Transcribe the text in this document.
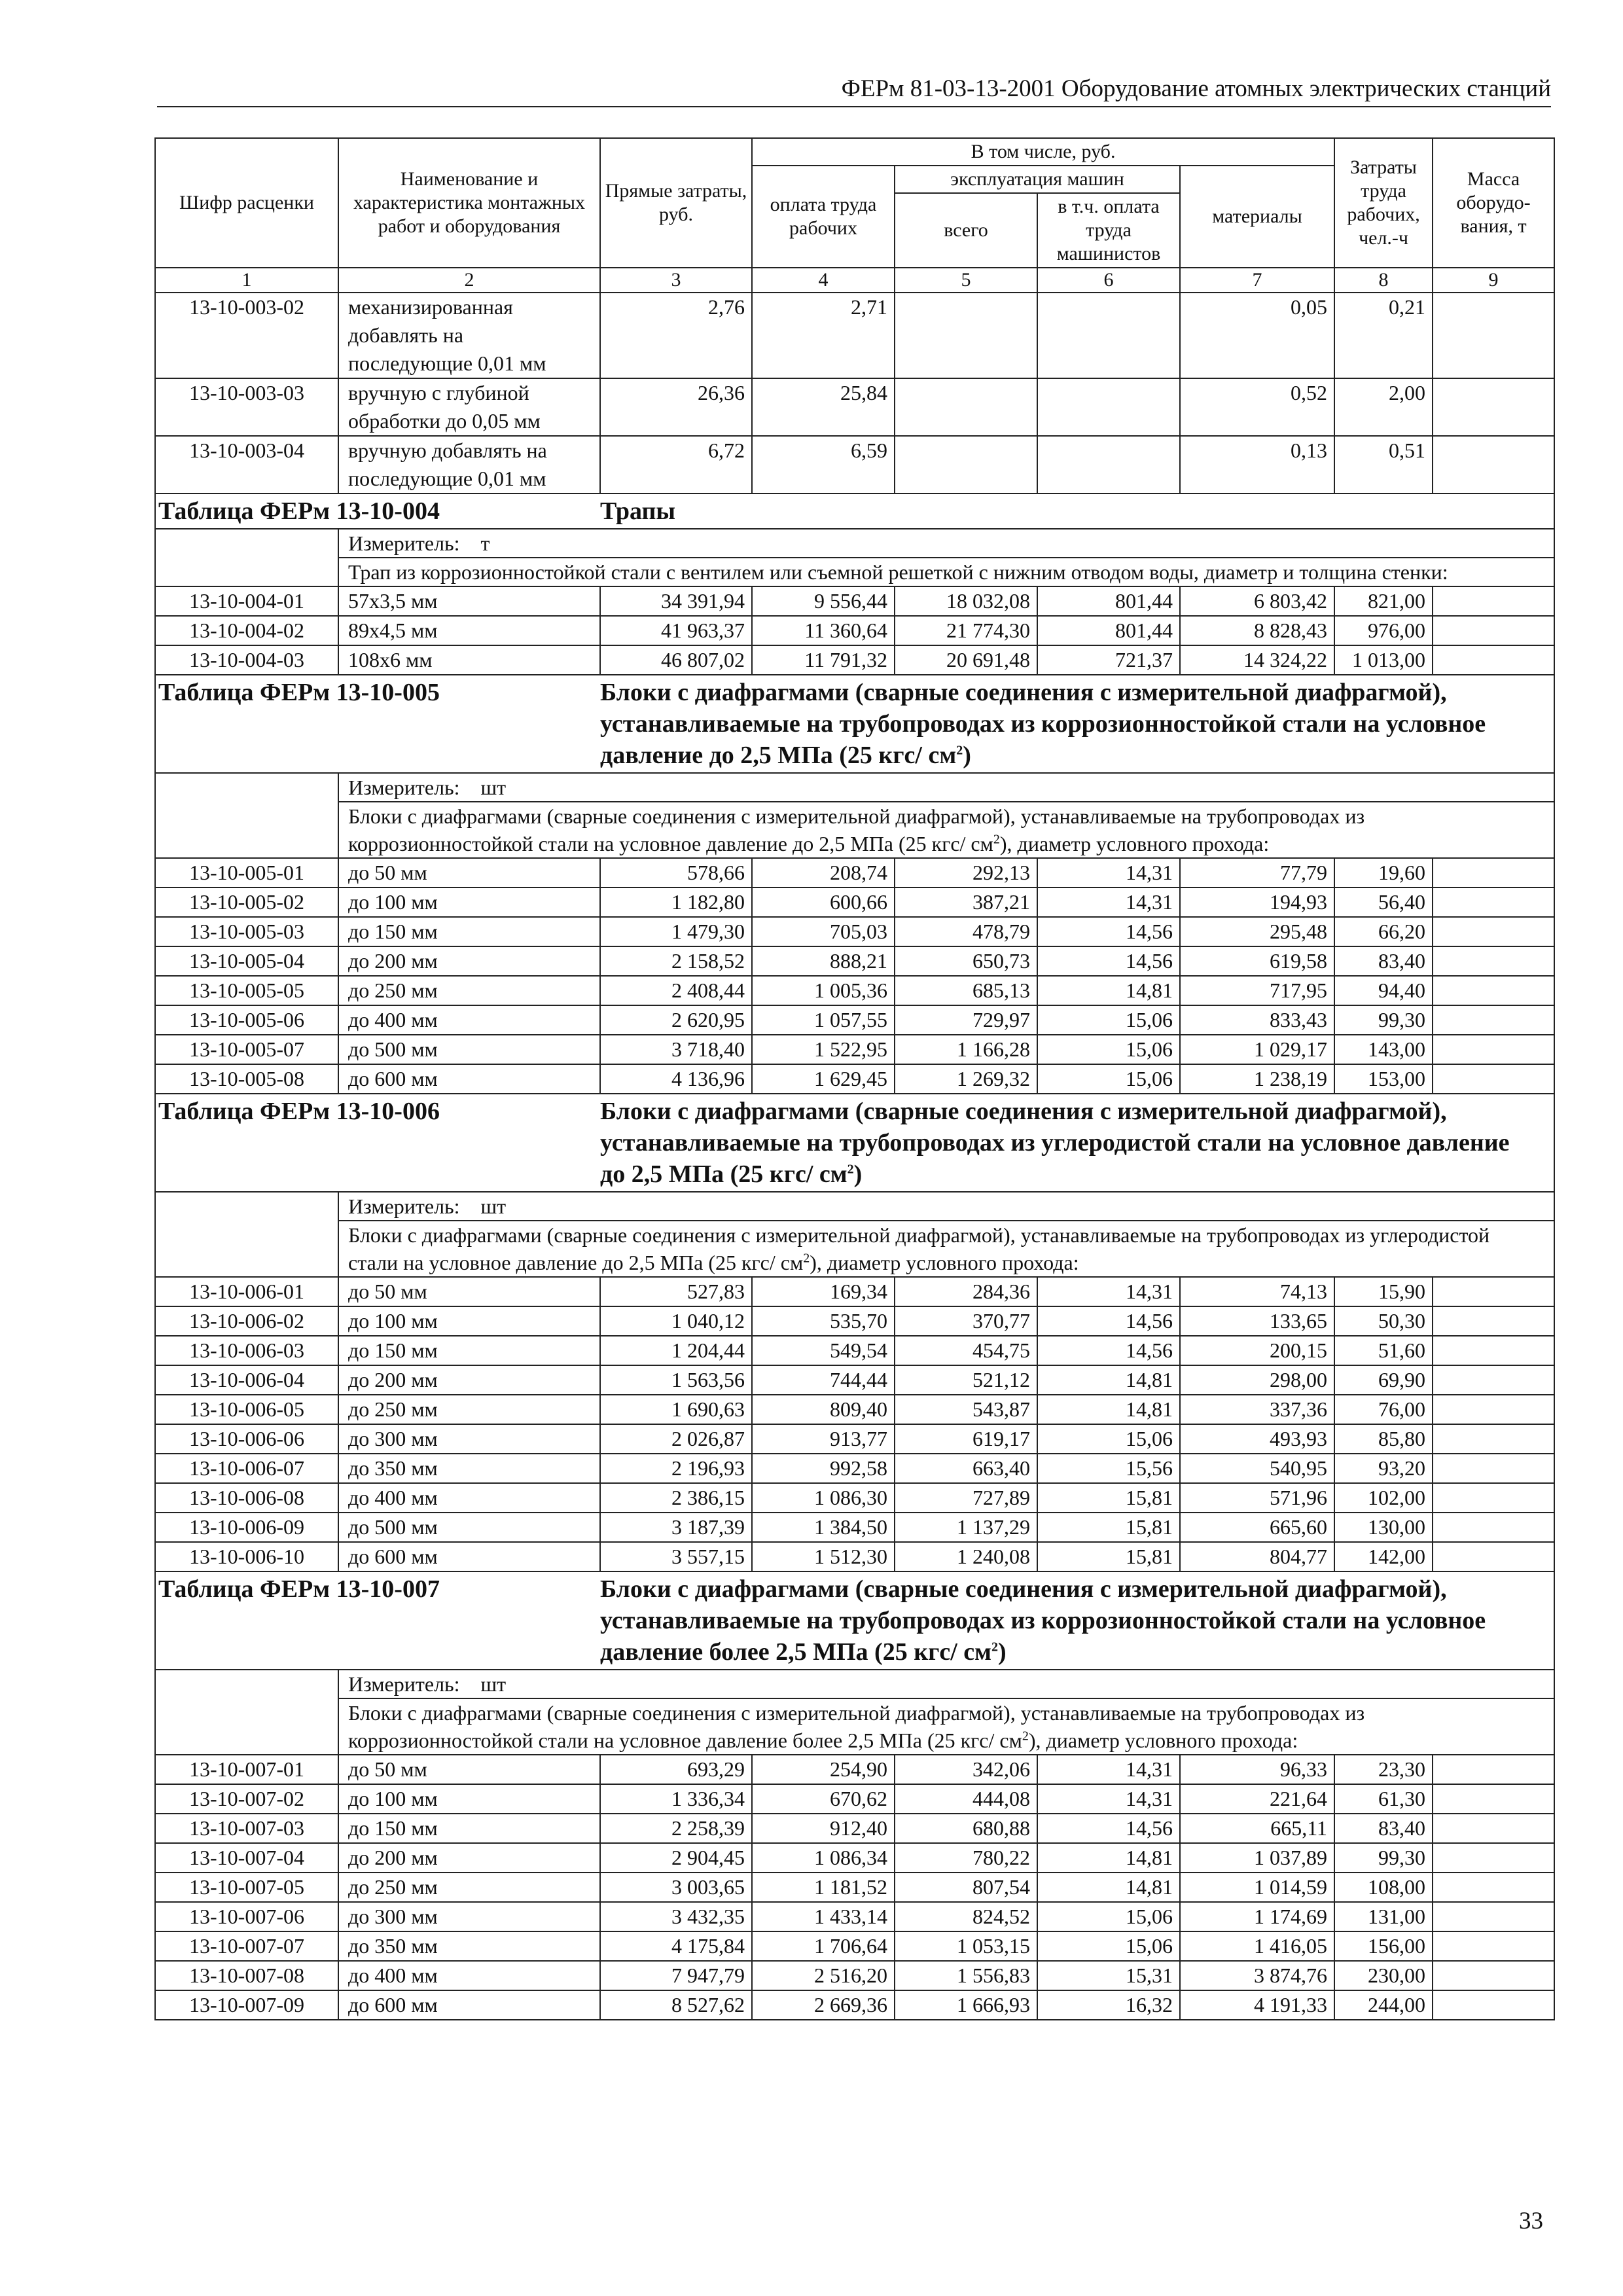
ФЕРм 81-03-13-2001 Оборудование атомных электрических станций
Шифр расценки	Наименование и характеристика монтажных работ и оборудования	Прямые затраты, руб.	В том числе, руб.				Затраты труда рабочих, чел.-ч	Масса оборудо-вания, т
			оплата труда рабочих	эксплуатация машин		материалы		
				всего	в т.ч. оплата труда машинистов			
1	2	3	4	5	6	7	8	9
13-10-003-02	механизированная добавлять на последующие 0,01 мм	2,76	2,71			0,05	0,21	
13-10-003-03	вручную с глубиной обработки до 0,05 мм	26,36	25,84			0,52	2,00	
13-10-003-04	вручную добавлять на последующие 0,01 мм	6,72	6,59			0,13	0,51	
Таблица ФЕРм 13-10-004		Трапы						
	Измеритель: т							
	Трап из коррозионностойкой стали с вентилем или съемной решеткой с нижним отводом воды, диаметр и толщина стенки:							
13-10-004-01	57х3,5 мм	34 391,94	9 556,44	18 032,08	801,44	6 803,42	821,00	
13-10-004-02	89х4,5 мм	41 963,37	11 360,64	21 774,30	801,44	8 828,43	976,00	
13-10-004-03	108х6 мм	46 807,02	11 791,32	20 691,48	721,37	14 324,22	1 013,00	
Таблица ФЕРм 13-10-005		Блоки с диафрагмами (сварные соединения с измерительной диафрагмой), устанавливаемые на трубопроводах из коррозионностойкой стали на условное давление до 2,5 МПа (25 кгс/ $см^2$)						
	Измеритель: шт							
	Блоки с диафрагмами (сварные соединения с измерительной диафрагмой), устанавливаемые на трубопроводах из коррозионностойкой стали на условное давление до 2,5 МПа (25 кгс/ $см^2$), диаметр условного прохода:							
13-10-005-01	до 50 мм	578,66	208,74	292,13	14,31	77,79	19,60	
13-10-005-02	до 100 мм	1 182,80	600,66	387,21	14,31	194,93	56,40	
13-10-005-03	до 150 мм	1 479,30	705,03	478,79	14,56	295,48	66,20	
13-10-005-04	до 200 мм	2 158,52	888,21	650,73	14,56	619,58	83,40	
13-10-005-05	до 250 мм	2 408,44	1 005,36	685,13	14,81	717,95	94,40	
13-10-005-06	до 400 мм	2 620,95	1 057,55	729,97	15,06	833,43	99,30	
13-10-005-07	до 500 мм	3 718,40	1 522,95	1 166,28	15,06	1 029,17	143,00	
13-10-005-08	до 600 мм	4 136,96	1 629,45	1 269,32	15,06	1 238,19	153,00	
Таблица ФЕРм 13-10-006		Блоки с диафрагмами (сварные соединения с измерительной диафрагмой), устанавливаемые на трубопроводах из углеродистой стали на условное давление до 2,5 МПа (25 кгс/ $см^2$)						
	Измеритель: шт							
	Блоки с диафрагмами (сварные соединения с измерительной диафрагмой), устанавливаемые на трубопроводах из углеродистой стали на условное давление до 2,5 МПа (25 кгс/ $см^2$), диаметр условного прохода:							
13-10-006-01	до 50 мм	527,83	169,34	284,36	14,31	74,13	15,90	
13-10-006-02	до 100 мм	1 040,12	535,70	370,77	14,56	133,65	50,30	
13-10-006-03	до 150 мм	1 204,44	549,54	454,75	14,56	200,15	51,60	
13-10-006-04	до 200 мм	1 563,56	744,44	521,12	14,81	298,00	69,90	
13-10-006-05	до 250 мм	1 690,63	809,40	543,87	14,81	337,36	76,00	
13-10-006-06	до 300 мм	2 026,87	913,77	619,17	15,06	493,93	85,80	
13-10-006-07	до 350 мм	2 196,93	992,58	663,40	15,56	540,95	93,20	
13-10-006-08	до 400 мм	2 386,15	1 086,30	727,89	15,81	571,96	102,00	
13-10-006-09	до 500 мм	3 187,39	1 384,50	1 137,29	15,81	665,60	130,00	
13-10-006-10	до 600 мм	3 557,15	1 512,30	1 240,08	15,81	804,77	142,00	
Таблица ФЕРм 13-10-007		Блоки с диафрагмами (сварные соединения с измерительной диафрагмой), устанавливаемые на трубопроводах из коррозионностойкой стали на условное давление более 2,5 МПа (25 кгс/ $см^2$)						
	Измеритель: шт							
	Блоки с диафрагмами (сварные соединения с измерительной диафрагмой), устанавливаемые на трубопроводах из коррозионностойкой стали на условное давление более 2,5 МПа (25 кгс/ $см^2$), диаметр условного прохода:							
13-10-007-01	до 50 мм	693,29	254,90	342,06	14,31	96,33	23,30	
13-10-007-02	до 100 мм	1 336,34	670,62	444,08	14,31	221,64	61,30	
13-10-007-03	до 150 мм	2 258,39	912,40	680,88	14,56	665,11	83,40	
13-10-007-04	до 200 мм	2 904,45	1 086,34	780,22	14,81	1 037,89	99,30	
13-10-007-05	до 250 мм	3 003,65	1 181,52	807,54	14,81	1 014,59	108,00	
13-10-007-06	до 300 мм	3 432,35	1 433,14	824,52	15,06	1 174,69	131,00	
13-10-007-07	до 350 мм	4 175,84	1 706,64	1 053,15	15,06	1 416,05	156,00	
13-10-007-08	до 400 мм	7 947,79	2 516,20	1 556,83	15,31	3 874,76	230,00	
13-10-007-09	до 600 мм	8 527,62	2 669,36	1 666,93	16,32	4 191,33	244,00	
33
